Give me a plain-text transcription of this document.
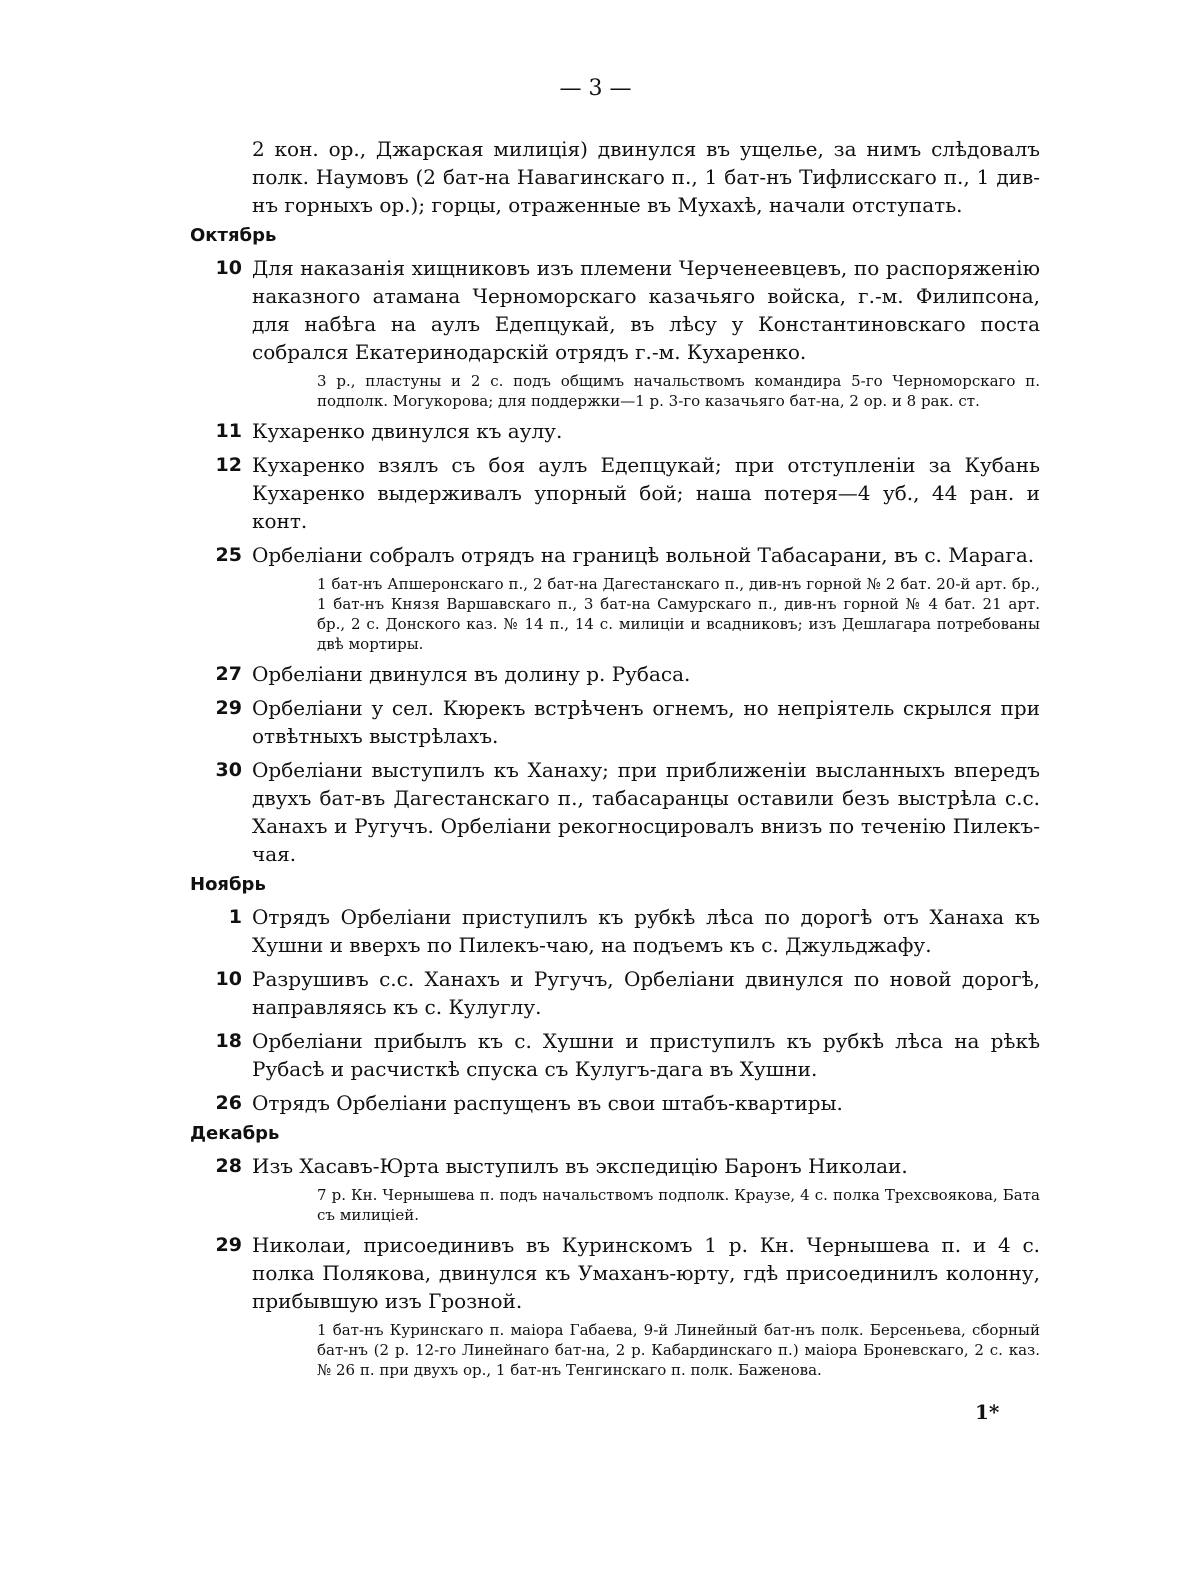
— 3 —

2 кон. ор., Джарская милиція) двинулся въ ущелье, за нимъ слѣдовалъ полк. Наумовъ (2 бат-на Навагинскаго п., 1 бат-нъ Тифлисскаго п., 1 див-нъ горныхъ ор.); горцы, отраженные въ Мухахѣ, начали отступать.

Октябрь
10 Для наказанія хищниковъ изъ племени Черченеевцевъ, по распоряженію наказного атамана Черноморскаго казачьяго войска, г.-м. Филипсона, для набѣга на аулъ Едепцукай, въ лѣсу у Константиновскаго поста собрался Екатеринодарскій отрядъ г.-м. Кухаренко.

3 р., пластуны и 2 с. подъ общимъ начальствомъ командира 5-го Черноморскаго п. подполк. Могукорова; для поддержки—1 р. 3-го казачьяго бат-на, 2 ор. и 8 рак. ст.

11 Кухаренко двинулся къ аулу.

12 Кухаренко взялъ съ боя аулъ Едепцукай; при отступленіи за Кубань Кухаренко выдерживалъ упорный бой; наша потеря—4 уб., 44 ран. и конт.

25 Орбеліани собралъ отрядъ на границѣ вольной Табасарани, въ с. Марага.

1 бат-нъ Апшеронскаго п., 2 бат-на Дагестанскаго п., див-нъ горной № 2 бат. 20-й арт. бр., 1 бат-нъ Князя Варшавскаго п., 3 бат-на Самурскаго п., див-нъ горной № 4 бат. 21 арт. бр., 2 с. Донского каз. № 14 п., 14 с. милиціи и всадниковъ; изъ Дешлагара потребованы двѣ мортиры.

27 Орбеліани двинулся въ долину р. Рубаса.

29 Орбеліани у сел. Кюрекъ встрѣченъ огнемъ, но непріятель скрылся при отвѣтныхъ выстрѣлахъ.

30 Орбеліани выступилъ къ Ханаху; при приближеніи высланныхъ впередъ двухъ бат-въ Дагестанскаго п., табасаранцы оставили безъ выстрѣла с.с. Ханахъ и Ругучъ. Орбеліани рекогносцировалъ внизъ по теченію Пилекъ-чая.

Ноябрь
1 Отрядъ Орбеліани приступилъ къ рубкѣ лѣса по дорогѣ отъ Ханаха къ Хушни и вверхъ по Пилекъ-чаю, на подъемъ къ с. Джульджафу.

10 Разрушивъ с.с. Ханахъ и Ругучъ, Орбеліани двинулся по новой дорогѣ, направляясь къ с. Кулуглу.

18 Орбеліани прибылъ къ с. Хушни и приступилъ къ рубкѣ лѣса на рѣкѣ Рубасѣ и расчисткѣ спуска съ Кулугъ-дага въ Хушни.

26 Отрядъ Орбеліани распущенъ въ свои штабъ-квартиры.

Декабрь
28 Изъ Хасавъ-Юрта выступилъ въ экспедицію Баронъ Николаи.

7 р. Кн. Чернышева п. подъ начальствомъ подполк. Краузе, 4 с. полка Трехсвоякова, Бата съ милиціей.

29 Николаи, присоединивъ въ Куринскомъ 1 р. Кн. Чернышева п. и 4 с. полка Полякова, двинулся къ Умаханъ-юрту, гдѣ присоединилъ колонну, прибывшую изъ Грозной.

1 бат-нъ Куринскаго п. маіора Габаева, 9-й Линейный бат-нъ полк. Берсеньева, сборный бат-нъ (2 р. 12-го Линейнаго бат-на, 2 р. Кабардинскаго п.) маіора Броневскаго, 2 с. каз. № 26 п. при двухъ ор., 1 бат-нъ Тенгинскаго п. полк. Баженова.

1*
